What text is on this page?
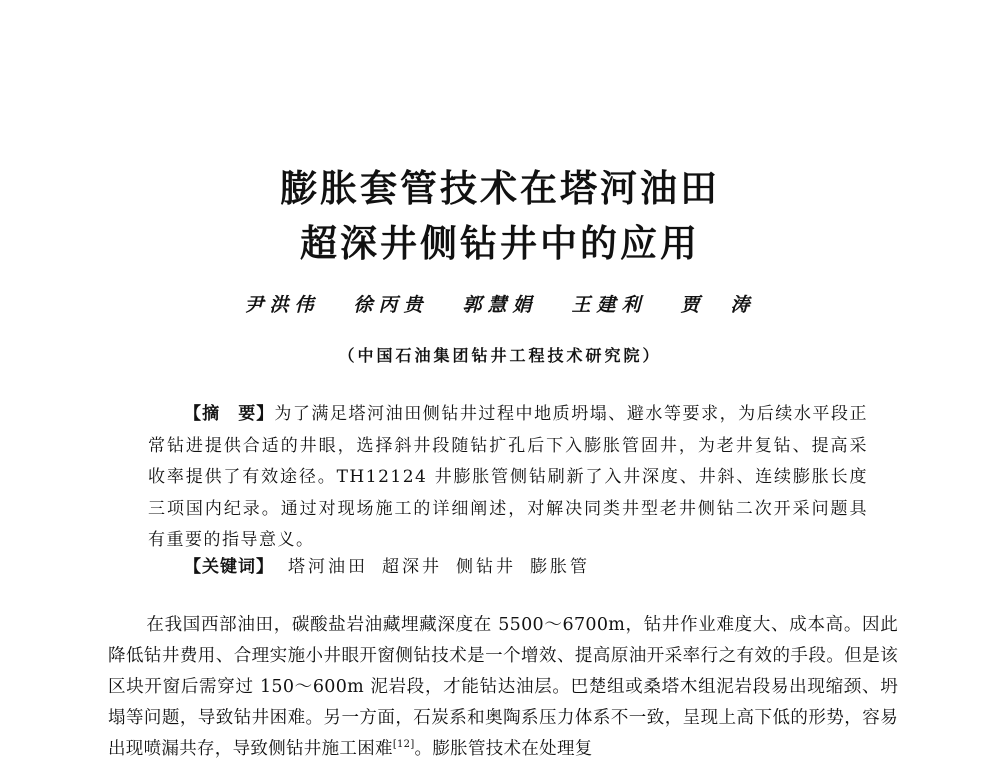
膨胀套管技术在塔河油田
超深井侧钻井中的应用
尹洪伟 徐丙贵 郭慧娟 王建利 贾　涛
（中国石油集团钻井工程技术研究院）

【摘　要】为了满足塔河油田侧钻井过程中地质坍塌、避水等要求，为后续水平段正常钻进提供合适的井眼，选择斜井段随钻扩孔后下入膨胀管固井，为老井复钻、提高采收率提供了有效途径。TH12124 井膨胀管侧钻刷新了入井深度、井斜、连续膨胀长度三项国内纪录。通过对现场施工的详细阐述，对解决同类井型老井侧钻二次开采问题具有重要的指导意义。

【关键词】 塔河油田 超深井 侧钻井 膨胀管

在我国西部油田，碳酸盐岩油藏埋藏深度在 5500～6700m，钻井作业难度大、成本高。因此降低钻井费用、合理实施小井眼开窗侧钻技术是一个增效、提高原油开采率行之有效的手段。但是该区块开窗后需穿过 150～600m 泥岩段，才能钻达油层。巴楚组或桑塔木组泥岩段易出现缩颈、坍塌等问题，导致钻井困难。另一方面，石炭系和奥陶系压力体系不一致，呈现上高下低的形势，容易出现喷漏共存，导致侧钻井施工困难[12]。膨胀管技术在处理复
